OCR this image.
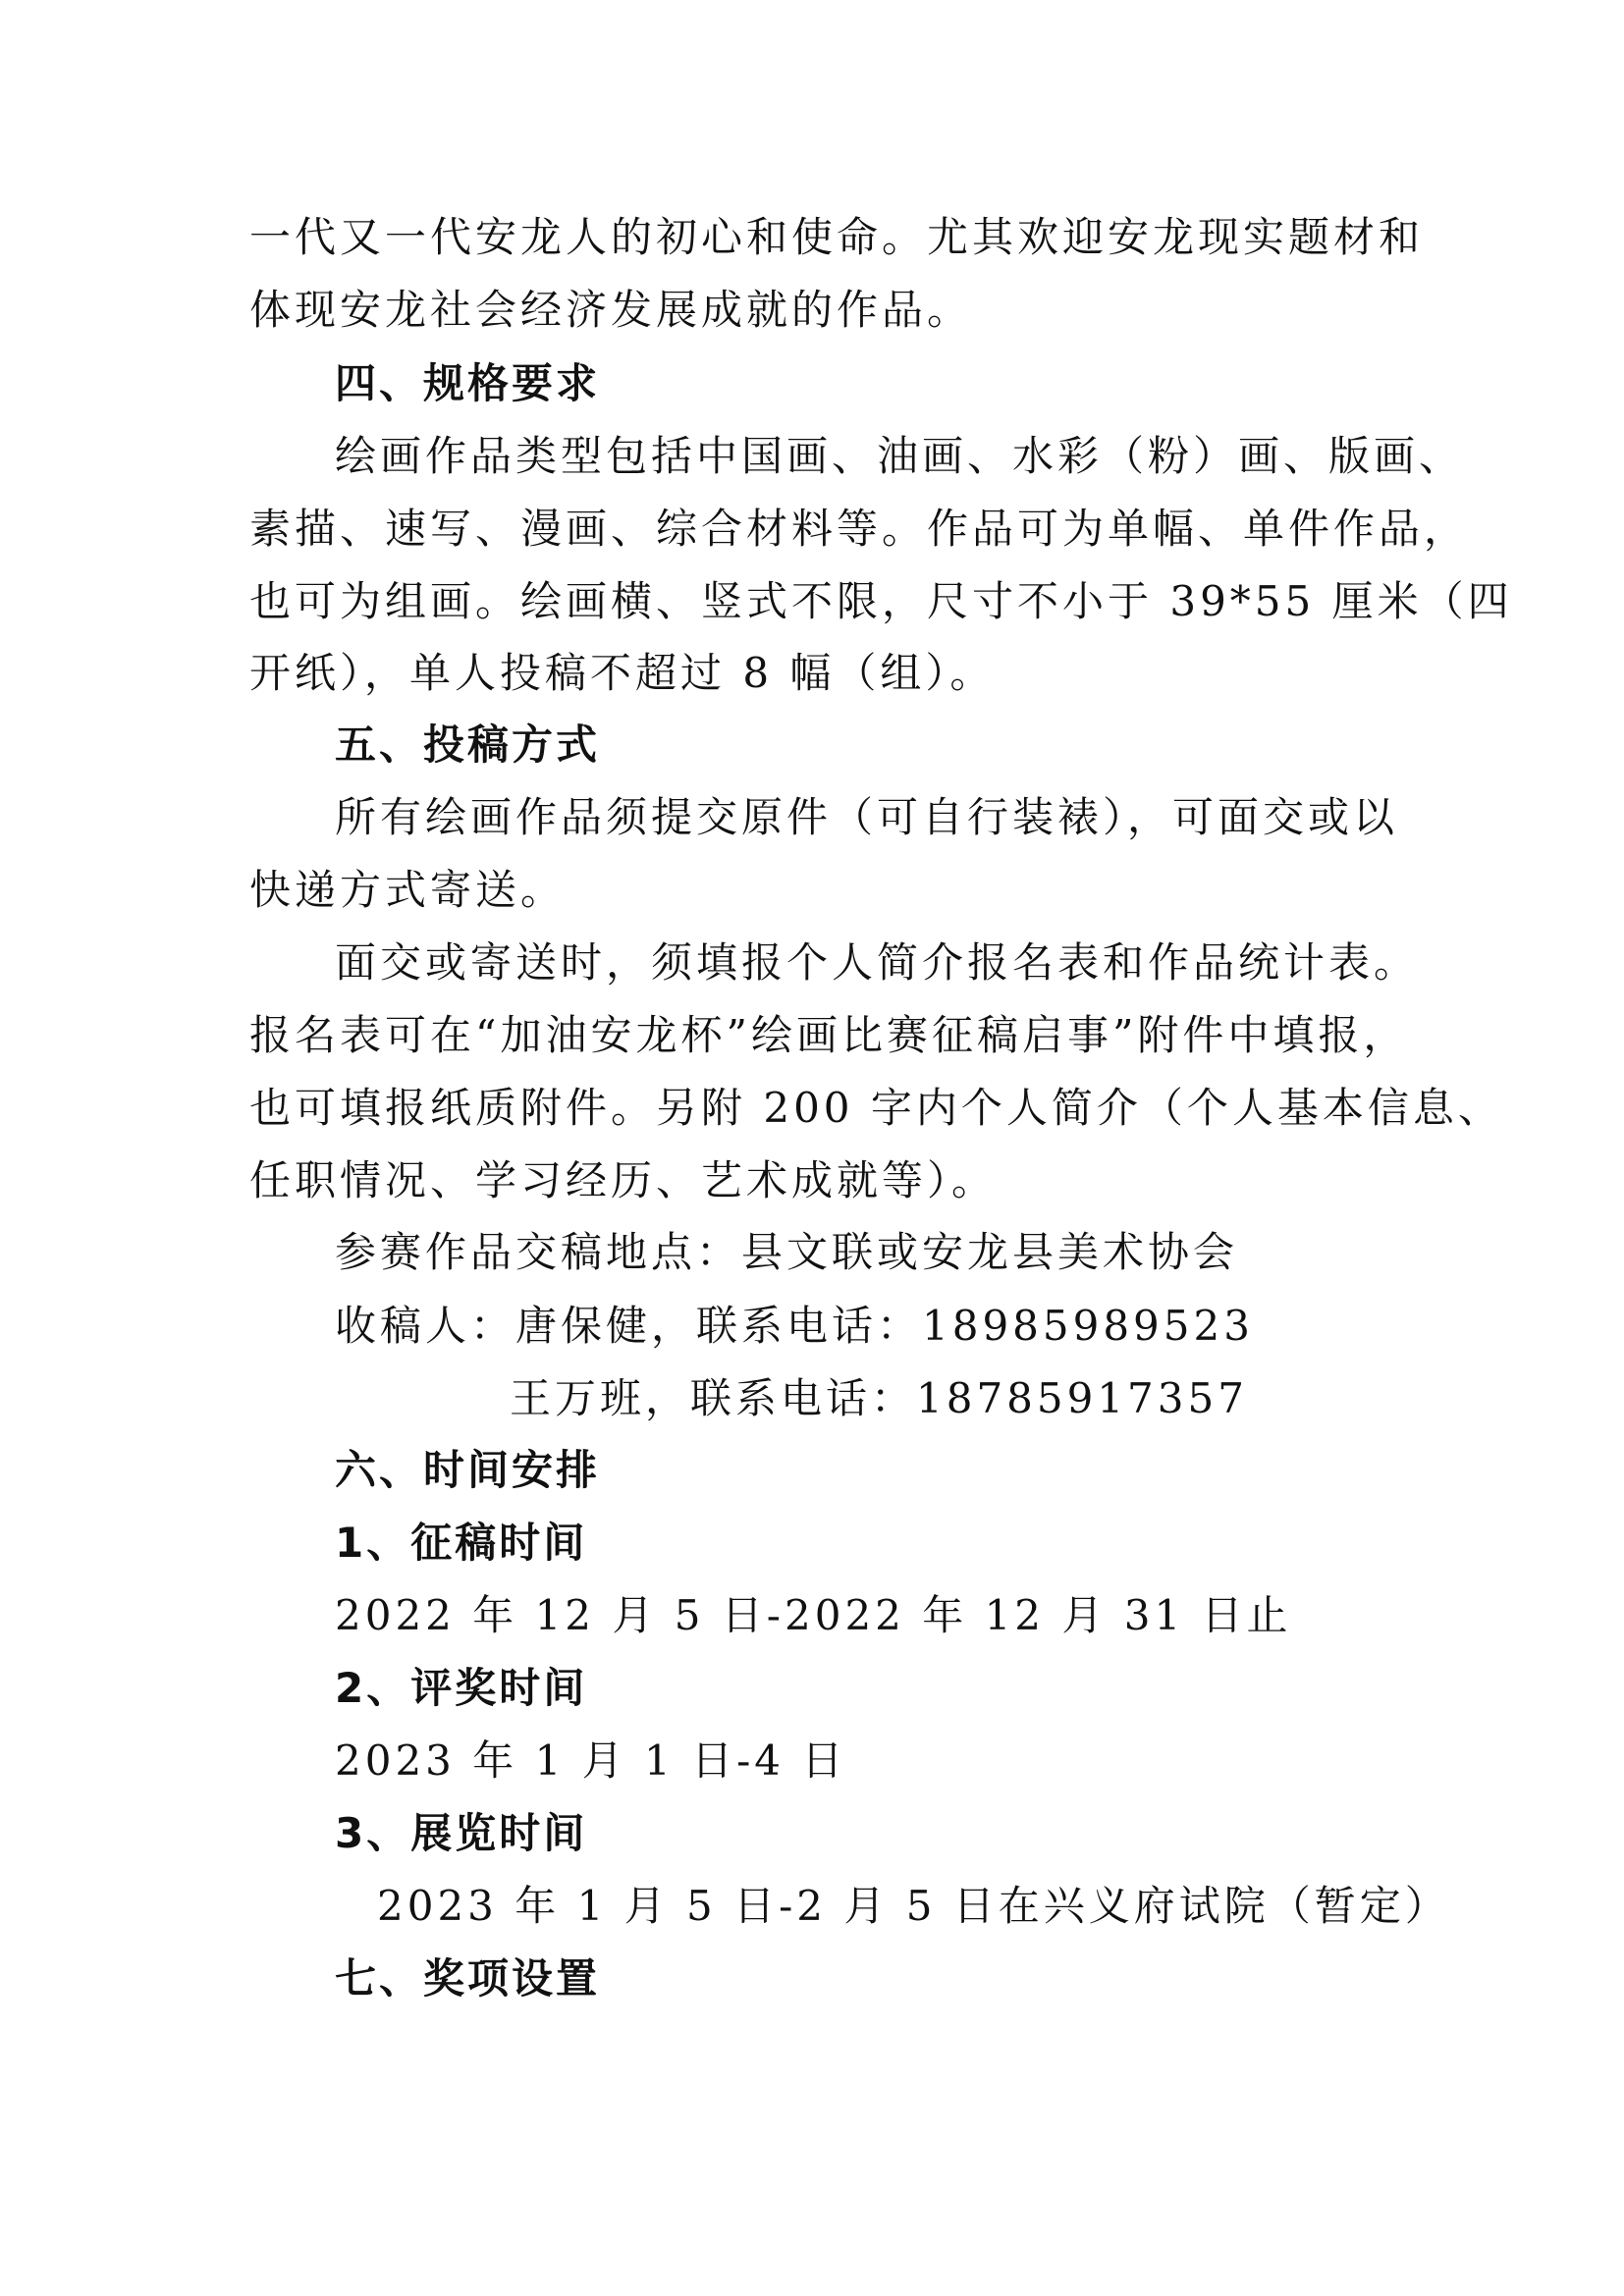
一代又一代安龙人的初心和使命。尤其欢迎安龙现实题材和
体现安龙社会经济发展成就的作品。
四、规格要求
绘画作品类型包括中国画、油画、水彩（粉）画、版画、
素描、速写、漫画、综合材料等。作品可为单幅、单件作品，
也可为组画。绘画横、竖式不限，尺寸不小于 39*55 厘米（四
开纸），单人投稿不超过 8 幅（组）。
五、投稿方式
所有绘画作品须提交原件（可自行装裱），可面交或以
快递方式寄送。
面交或寄送时，须填报个人简介报名表和作品统计表。
报名表可在“加油安龙杯”绘画比赛征稿启事”附件中填报，
也可填报纸质附件。另附 200 字内个人简介（个人基本信息、
任职情况、学习经历、艺术成就等）。
参赛作品交稿地点：县文联或安龙县美术协会
收稿人：唐保健，联系电话：18985989523
王万班，联系电话：18785917357
六、时间安排
1、征稿时间
2022 年 12 月 5 日-2022 年 12 月 31 日止
2、评奖时间
2023 年 1 月 1 日-4 日
3、展览时间
2023 年 1 月 5 日-2 月 5 日在兴义府试院（暂定）
七、奖项设置
